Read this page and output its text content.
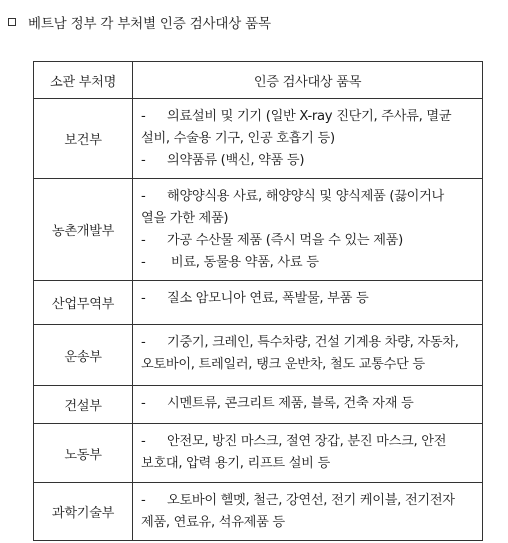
베트남 정부 각 부처별 인증 검사대상 품목
소관 부처명	인증 검사대상 품목
보건부	- 의료설비 및 기기 (일반 X-ray 진단기, 주사류, 멸균
설비, 수술용 기구, 인공 호흡기 등)
- 의약품류 (백신, 약품 등)

농촌개발부	- 해양양식용 사료, 해양양식 및 양식제품 (끓이거나
열을 가한 제품)
- 가공 수산물 제품 (즉시 먹을 수 있는 제품)
- 비료, 동물용 약품, 사료 등

산업무역부	- 질소 암모니아 연료, 폭발물, 부품 등

운송부	- 기중기, 크레인, 특수차량, 건설 기계용 차량, 자동차,
오토바이, 트레일러, 탱크 운반차, 철도 교통수단 등

건설부	- 시멘트류, 콘크리트 제품, 블록, 건축 자재 등

노동부	- 안전모, 방진 마스크, 절연 장갑, 분진 마스크, 안전
보호대, 압력 용기, 리프트 설비 등

과학기술부	- 오토바이 헬멧, 철근, 강연선, 전기 케이블, 전기전자
제품, 연료유, 석유제품 등
